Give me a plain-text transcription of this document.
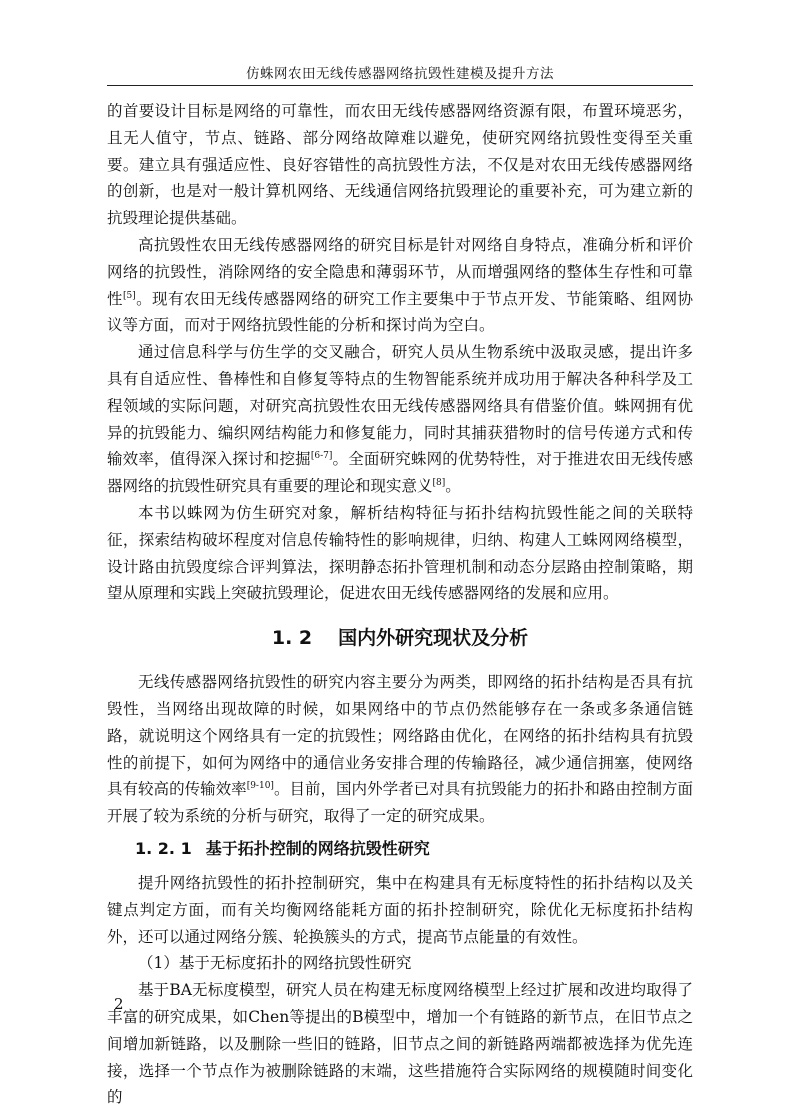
仿蛛网农田无线传感器网络抗毁性建模及提升方法

的首要设计目标是网络的可靠性，而农田无线传感器网络资源有限，布置环境恶劣，且无人值守，节点、链路、部分网络故障难以避免，使研究网络抗毁性变得至关重要。建立具有强适应性、良好容错性的高抗毁性方法，不仅是对农田无线传感器网络的创新，也是对一般计算机网络、无线通信网络抗毁理论的重要补充，可为建立新的抗毁理论提供基础。

高抗毁性农田无线传感器网络的研究目标是针对网络自身特点，准确分析和评价网络的抗毁性，消除网络的安全隐患和薄弱环节，从而增强网络的整体生存性和可靠性[5]。现有农田无线传感器网络的研究工作主要集中于节点开发、节能策略、组网协议等方面，而对于网络抗毁性能的分析和探讨尚为空白。

通过信息科学与仿生学的交叉融合，研究人员从生物系统中汲取灵感，提出许多具有自适应性、鲁棒性和自修复等特点的生物智能系统并成功用于解决各种科学及工程领域的实际问题，对研究高抗毁性农田无线传感器网络具有借鉴价值。蛛网拥有优异的抗毁能力、编织网结构能力和修复能力，同时其捕获猎物时的信号传递方式和传输效率，值得深入探讨和挖掘[6-7]。全面研究蛛网的优势特性，对于推进农田无线传感器网络的抗毁性研究具有重要的理论和现实意义[8]。

本书以蛛网为仿生研究对象，解析结构特征与拓扑结构抗毁性能之间的关联特征，探索结构破坏程度对信息传输特性的影响规律，归纳、构建人工蛛网网络模型，设计路由抗毁度综合评判算法，探明静态拓扑管理机制和动态分层路由控制策略，期望从原理和实践上突破抗毁理论，促进农田无线传感器网络的发展和应用。

1. 2 国内外研究现状及分析

无线传感器网络抗毁性的研究内容主要分为两类，即网络的拓扑结构是否具有抗毁性，当网络出现故障的时候，如果网络中的节点仍然能够存在一条或多条通信链路，就说明这个网络具有一定的抗毁性；网络路由优化，在网络的拓扑结构具有抗毁性的前提下，如何为网络中的通信业务安排合理的传输路径，减少通信拥塞，使网络具有较高的传输效率[9-10]。目前，国内外学者已对具有抗毁能力的拓扑和路由控制方面开展了较为系统的分析与研究，取得了一定的研究成果。

1. 2. 1 基于拓扑控制的网络抗毁性研究

提升网络抗毁性的拓扑控制研究，集中在构建具有无标度特性的拓扑结构以及关键点判定方面，而有关均衡网络能耗方面的拓扑控制研究，除优化无标度拓扑结构外，还可以通过网络分簇、轮换簇头的方式，提高节点能量的有效性。

（1）基于无标度拓扑的网络抗毁性研究

基于BA无标度模型，研究人员在构建无标度网络模型上经过扩展和改进均取得了丰富的研究成果，如Chen等提出的B模型中，增加一个有链路的新节点，在旧节点之间增加新链路，以及删除一些旧的链路，旧节点之间的新链路两端都被选择为优先连接，选择一个节点作为被删除链路的末端，这些措施符合实际网络的规模随时间变化的

2
